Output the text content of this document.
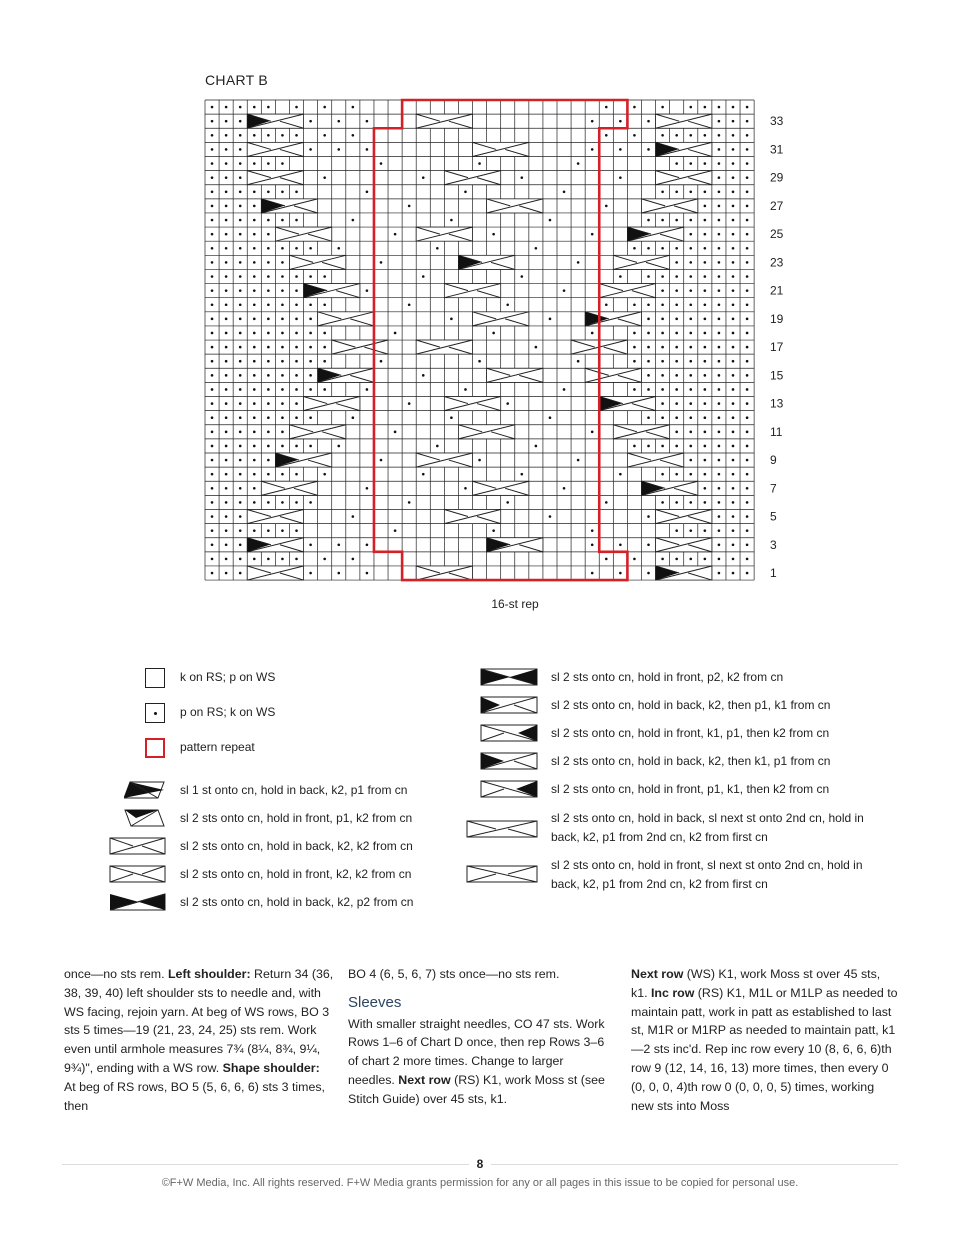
CHART B
33
31
29
27
25
23
21
19
17
15
13
11
9
7
5
3
1
16-st rep
k on RS; p on WS
p on RS; k on WS
pattern repeat
sl 1 st onto cn, hold in back, k2, p1 from cn
sl 2 sts onto cn, hold in front, p1, k2 from cn
sl 2 sts onto cn, hold in back, k2, k2 from cn
sl 2 sts onto cn, hold in front, k2, k2 from cn
sl 2 sts onto cn, hold in back, k2, p2 from cn
sl 2 sts onto cn, hold in front, p2, k2 from cn
sl 2 sts onto cn, hold in back, k2, then p1, k1 from cn
sl 2 sts onto cn, hold in front, k1, p1, then k2 from cn
sl 2 sts onto cn, hold in back, k2, then k1, p1 from cn
sl 2 sts onto cn, hold in front, p1, k1, then k2 from cn
sl 2 sts onto cn, hold in back, sl next st onto 2nd cn, hold in back, k2, p1 from 2nd cn, k2 from first cn
sl 2 sts onto cn, hold in front, sl next st onto 2nd cn, hold in back, k2, p1 from 2nd cn, k2 from first cn

once—no sts rem. Left shoulder: Return 34 (36, 38, 39, 40) left shoulder sts to needle and, with WS facing, rejoin yarn. At beg of WS rows, BO 3 sts 5 times—19 (21, 23, 24, 25) sts rem. Work even until armhole measures 7¾ (8¼, 8¾, 9¼, 9¾)", ending with a WS row. Shape shoulder: At beg of RS rows, BO 5 (5, 6, 6, 6) sts 3 times, then

BO 4 (6, 5, 6, 7) sts once—no sts rem.

Sleeves

With smaller straight needles, CO 47 sts. Work Rows 1–6 of Chart D once, then rep Rows 3–6 of chart 2 more times. Change to larger needles. Next row (RS) K1, work Moss st (see Stitch Guide) over 45 sts, k1.

Next row (WS) K1, work Moss st over 45 sts, k1. Inc row (RS) K1, M1L or M1LP as needed to maintain patt, work in patt as established to last st, M1R or M1RP as needed to maintain patt, k1—2 sts inc'd. Rep inc row every 10 (8, 6, 6, 6)th row 9 (12, 14, 16, 13) more times, then every 0 (0, 0, 0, 4)th row 0 (0, 0, 0, 5) times, working new sts into Moss

8
©F+W Media, Inc. All rights reserved. F+W Media grants permission for any or all pages in this issue to be copied for personal use.
